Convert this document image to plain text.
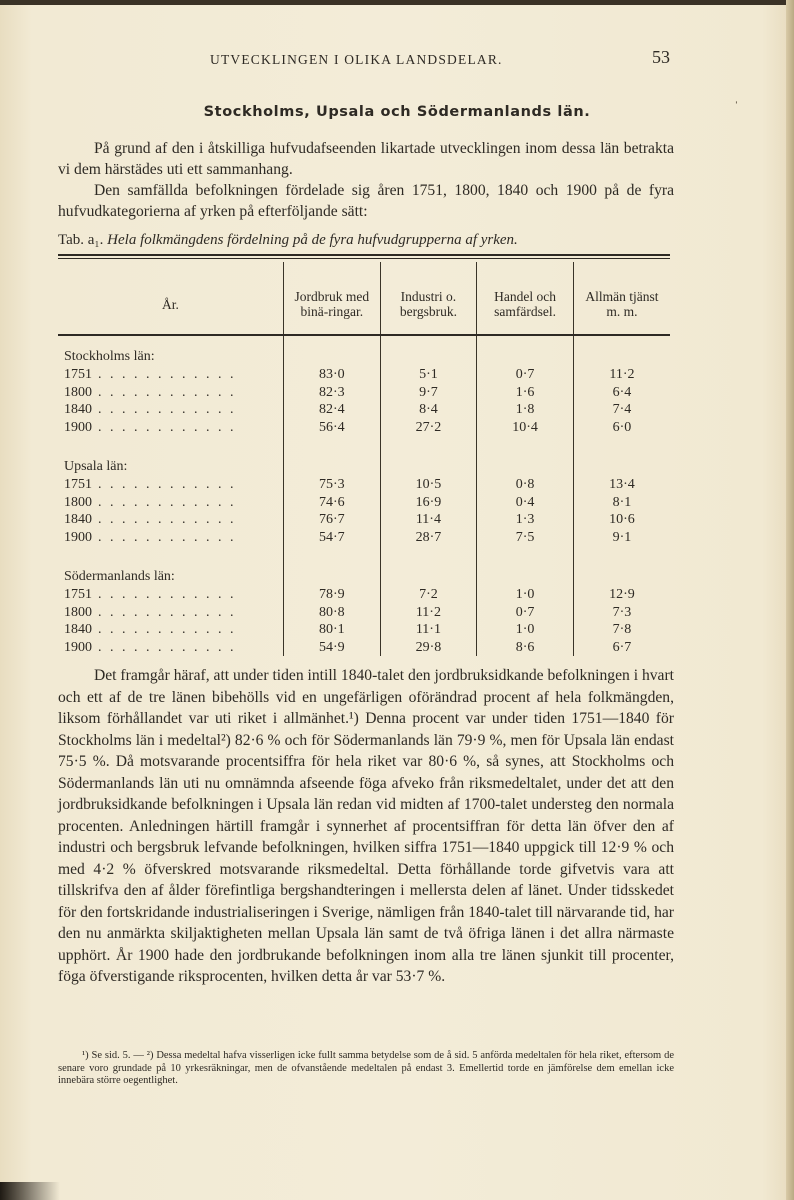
UTVECKLINGEN I OLIKA LANDSDELAR.	53
Stockholms, Upsala och Södermanlands län.
På grund af den i åtskilliga hufvudafseenden likartade utvecklingen inom dessa län betrakta vi dem härstädes uti ett sammanhang.
Den samfällda befolkningen fördelade sig åren 1751, 1800, 1840 och 1900 på de fyra hufvudkategorierna af yrken på efterföljande sätt:
Tab. a₁. Hela folkmängdens fördelning på de fyra hufvudgrupperna af yrken.
År.	Jordbruk med binä-ringar.	Industri o. bergsbruk.	Handel och samfärdsel.	Allmän tjänst m. m.
Stockholms län:				
1751 . . . . . . . . . . . .	83·0	5·1	0·7	11·2
1800 . . . . . . . . . . . .	82·3	9·7	1·6	6·4
1840 . . . . . . . . . . . .	82·4	8·4	1·8	7·4
1900 . . . . . . . . . . . .	56·4	27·2	10·4	6·0

Upsala län:				
1751 . . . . . . . . . . . .	75·3	10·5	0·8	13·4
1800 . . . . . . . . . . . .	74·6	16·9	0·4	8·1
1840 . . . . . . . . . . . .	76·7	11·4	1·3	10·6
1900 . . . . . . . . . . . .	54·7	28·7	7·5	9·1

Södermanlands län:				
1751 . . . . . . . . . . . .	78·9	7·2	1·0	12·9
1800 . . . . . . . . . . . .	80·8	11·2	0·7	7·3
1840 . . . . . . . . . . . .	80·1	11·1	1·0	7·8
1900 . . . . . . . . . . . .	54·9	29·8	8·6	6·7
Det framgår häraf, att under tiden intill 1840-talet den jordbruksidkande befolkningen i hvart och ett af de tre länen bibehölls vid en ungefärligen oförändrad procent af hela folkmängden, liksom förhållandet var uti riket i allmänhet.¹) Denna procent var under tiden 1751—1840 för Stockholms län i medeltal²) 82·6 % och för Södermanlands län 79·9 %, men för Upsala län endast 75·5 %. Då motsvarande procentsiffra för hela riket var 80·6 %, så synes, att Stockholms och Södermanlands län uti nu omnämnda afseende föga afveko från riksmedeltalet, under det att den jordbruksidkande befolkningen i Upsala län redan vid midten af 1700-talet understeg den normala procenten. Anledningen härtill framgår i synnerhet af procentsiffran för detta län öfver den af industri och bergsbruk lefvande befolkningen, hvilken siffra 1751—1840 uppgick till 12·9 % och med 4·2 % öfverskred motsvarande riksmedeltal. Detta förhållande torde gifvetvis vara att tillskrifva den af ålder förefintliga bergshandteringen i mellersta delen af länet. Under tidsskedet för den fortskridande industrialiseringen i Sverige, nämligen från 1840-talet till närvarande tid, har den nu anmärkta skiljaktigheten mellan Upsala län samt de två öfriga länen i det allra närmaste upphört. År 1900 hade den jordbrukande befolkningen inom alla tre länen sjunkit till procenter, föga öfverstigande riksprocenten, hvilken detta år var 53·7 %.
¹) Se sid. 5. — ²) Dessa medeltal hafva visserligen icke fullt samma betydelse som de å sid. 5 anförda medeltalen för hela riket, eftersom de senare voro grundade på 10 yrkesräkningar, men de ofvanstående medeltalen på endast 3. Emellertid torde en jämförelse dem emellan icke innebära större oegentlighet.
ˈ
